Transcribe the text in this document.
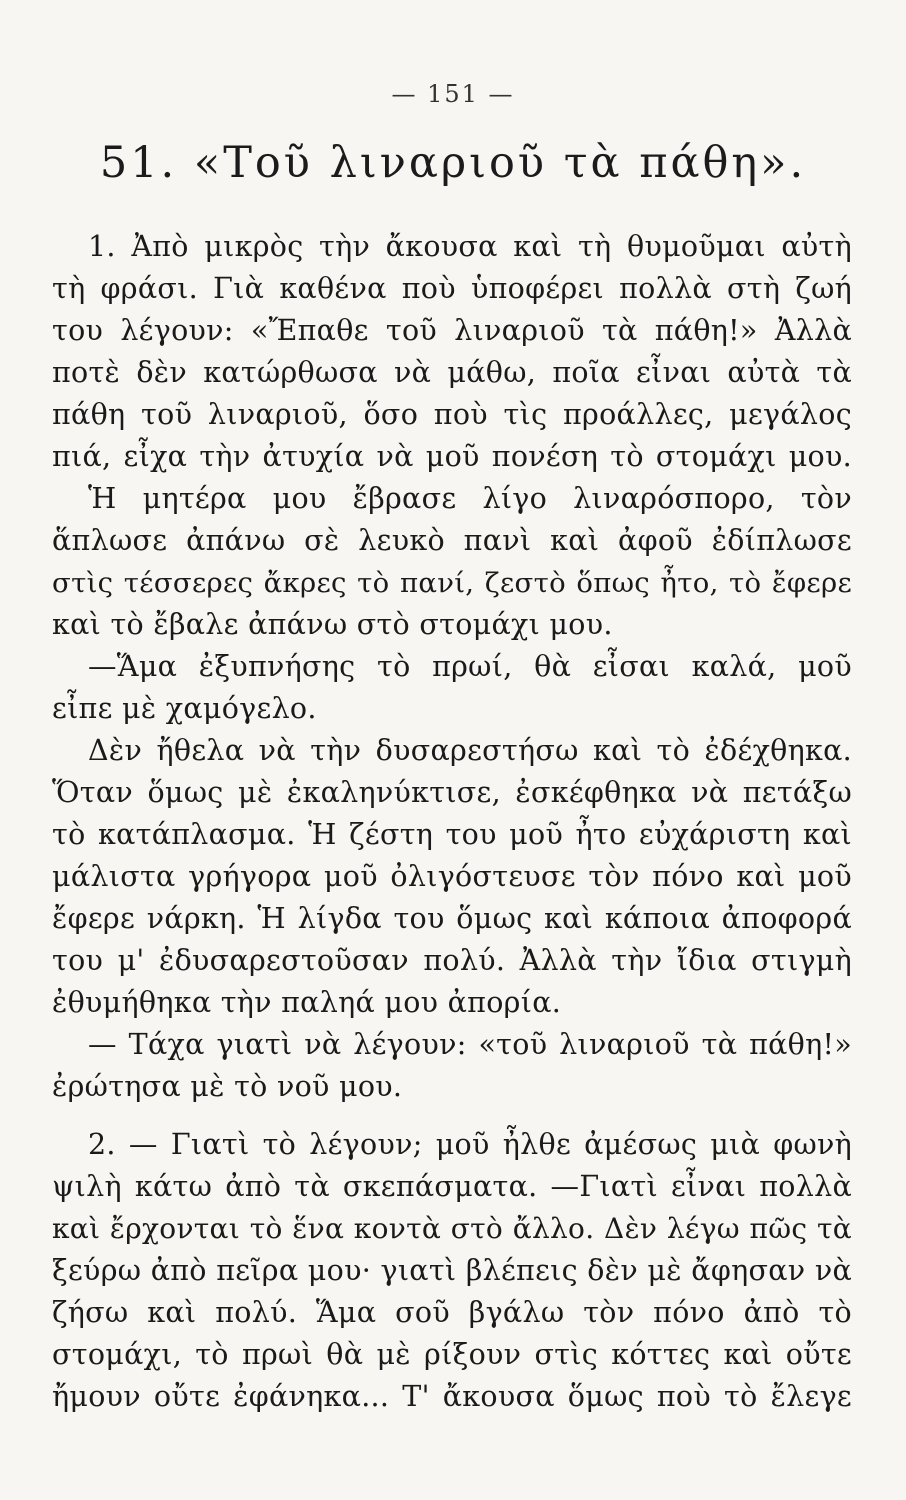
— 151 —
51. «Τοῦ λιναριοῦ τὰ πάθη».
1. Ἀπὸ μικρὸς τὴν ἄκουσα καὶ τὴ θυμοῦμαι αὐτὴ
τὴ φράσι. Γιὰ καθένα ποὺ ὑποφέρει πολλὰ στὴ ζωή
του λέγουν: «Ἔπαθε τοῦ λιναριοῦ τὰ πάθη!» Ἀλλὰ
ποτὲ δὲν κατώρθωσα νὰ μάθω, ποῖα εἶναι αὐτὰ τὰ
πάθη τοῦ λιναριοῦ, ὅσο ποὺ τὶς προάλλες, μεγάλος
πιά, εἶχα τὴν ἀτυχία νὰ μοῦ πονέση τὸ στομάχι μου.
Ἡ μητέρα μου ἔβρασε λίγο λιναρόσπορο, τὸν
ἅπλωσε ἀπάνω σὲ λευκὸ πανὶ καὶ ἀφοῦ ἐδίπλωσε
στὶς τέσσερες ἄκρες τὸ πανί, ζεστὸ ὅπως ἦτο, τὸ ἔφερε
καὶ τὸ ἔβαλε ἀπάνω στὸ στομάχι μου.
—Ἅμα ἐξυπνήσης τὸ πρωί, θὰ εἶσαι καλά, μοῦ
εἶπε μὲ χαμόγελο.
Δὲν ἤθελα νὰ τὴν δυσαρεστήσω καὶ τὸ ἐδέχθηκα.
Ὅταν ὅμως μὲ ἐκαληνύκτισε, ἐσκέφθηκα νὰ πετάξω
τὸ κατάπλασμα. Ἡ ζέστη του μοῦ ἦτο εὐχάριστη καὶ
μάλιστα γρήγορα μοῦ ὀλιγόστευσε τὸν πόνο καὶ μοῦ
ἔφερε νάρκη. Ἡ λίγδα του ὅμως καὶ κάποια ἀποφορά
του μ' ἐδυσαρεστοῦσαν πολύ. Ἀλλὰ τὴν ἴδια στιγμὴ
ἐθυμήθηκα τὴν παληά μου ἀπορία.
— Τάχα γιατὶ νὰ λέγουν: «τοῦ λιναριοῦ τὰ πάθη!»
ἐρώτησα μὲ τὸ νοῦ μου.
2. — Γιατὶ τὸ λέγουν; μοῦ ἦλθε ἀμέσως μιὰ φωνὴ
ψιλὴ κάτω ἀπὸ τὰ σκεπάσματα. —Γιατὶ εἶναι πολλὰ
καὶ ἔρχονται τὸ ἕνα κοντὰ στὸ ἄλλο. Δὲν λέγω πῶς τὰ
ξεύρω ἀπὸ πεῖρα μου· γιατὶ βλέπεις δὲν μὲ ἄφησαν νὰ
ζήσω καὶ πολύ. Ἅμα σοῦ βγάλω τὸν πόνο ἀπὸ τὸ
στομάχι, τὸ πρωὶ θὰ μὲ ρίξουν στὶς κόττες καὶ οὔτε
ἤμουν οὔτε ἐφάνηκα... Τ' ἄκουσα ὅμως ποὺ τὸ ἔλεγε
